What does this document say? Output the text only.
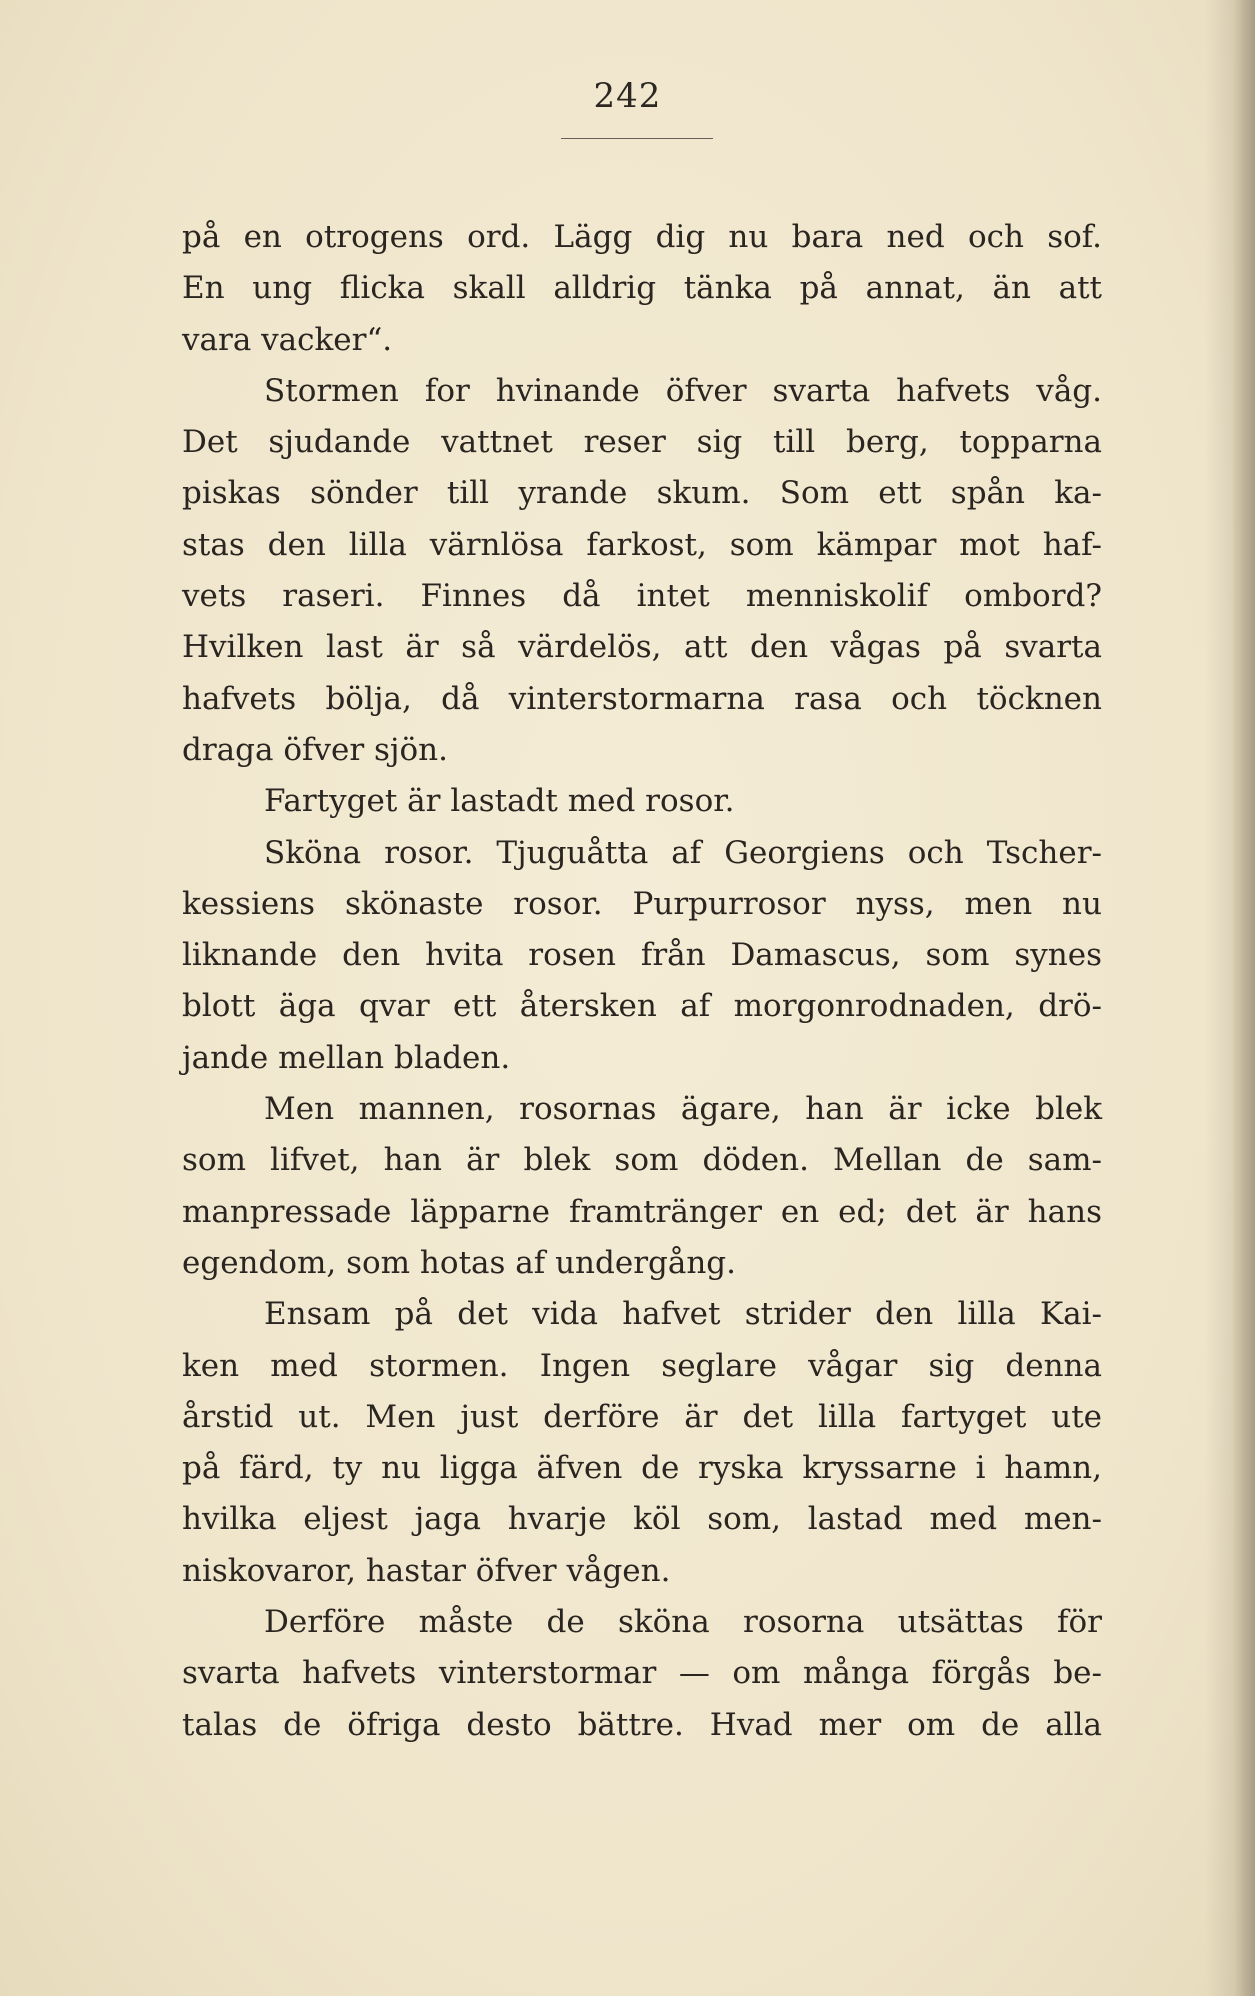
242
på en otrogens ord. Lägg dig nu bara ned och sof.
En ung flicka skall alldrig tänka på annat, än att
vara vacker“.
Stormen for hvinande öfver svarta hafvets våg.
Det sjudande vattnet reser sig till berg, topparna
piskas sönder till yrande skum. Som ett spån ka-
stas den lilla värnlösa farkost, som kämpar mot haf-
vets raseri. Finnes då intet menniskolif ombord?
Hvilken last är så värdelös, att den vågas på svarta
hafvets bölja, då vinterstormarna rasa och töcknen
draga öfver sjön.
Fartyget är lastadt med rosor.
Sköna rosor. Tjuguåtta af Georgiens och Tscher-
kessiens skönaste rosor. Purpurrosor nyss, men nu
liknande den hvita rosen från Damascus, som synes
blott äga qvar ett återsken af morgonrodnaden, drö-
jande mellan bladen.
Men mannen, rosornas ägare, han är icke blek
som lifvet, han är blek som döden. Mellan de sam-
manpressade läpparne framtränger en ed; det är hans
egendom, som hotas af undergång.
Ensam på det vida hafvet strider den lilla Kai-
ken med stormen. Ingen seglare vågar sig denna
årstid ut. Men just derföre är det lilla fartyget ute
på färd, ty nu ligga äfven de ryska kryssarne i hamn,
hvilka eljest jaga hvarje köl som, lastad med men-
niskovaror, hastar öfver vågen.
Derföre måste de sköna rosorna utsättas för
svarta hafvets vinterstormar — om många förgås be-
talas de öfriga desto bättre. Hvad mer om de alla
